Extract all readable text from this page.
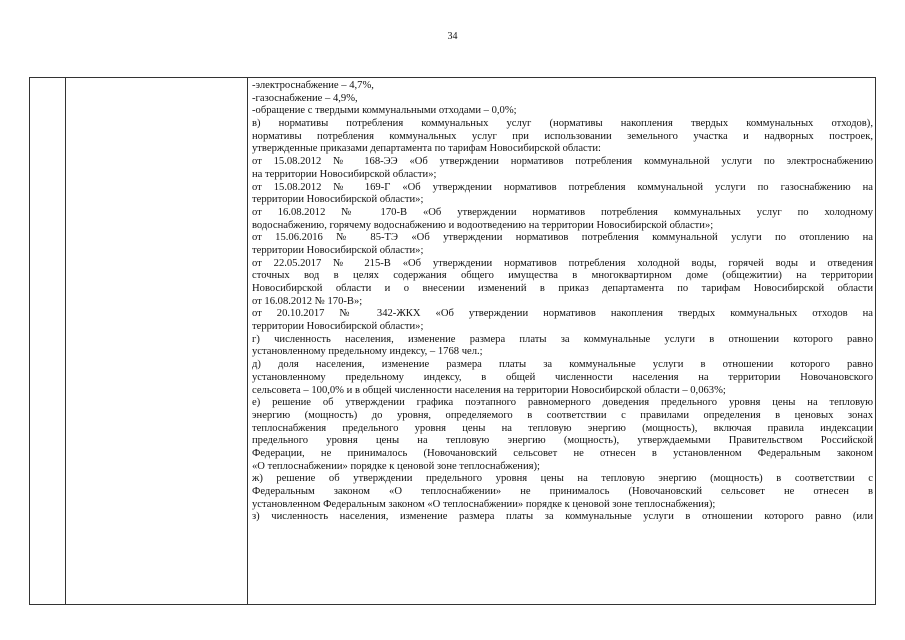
34
-электроснабжение – 4,7%,
-газоснабжение – 4,9%,
-обращение с твердыми коммунальными отходами – 0,0%;
в) нормативы потребления коммунальных услуг (нормативы накопления твердых коммунальных отходов),
нормативы потребления коммунальных услуг при использовании земельного участка и надворных построек,
утвержденные приказами департамента по тарифам Новосибирской области:
от 15.08.2012 № 168-ЭЭ «Об утверждении нормативов потребления коммунальной услуги по электроснабжению
на территории Новосибирской области»;
от 15.08.2012 № 169-Г «Об утверждении нормативов потребления коммунальной услуги по газоснабжению на
территории Новосибирской области»;
от 16.08.2012 № 170-В «Об утверждении нормативов потребления коммунальных услуг по холодному
водоснабжению, горячему водоснабжению и водоотведению на территории Новосибирской области»;
от 15.06.2016 № 85-ТЭ «Об утверждении нормативов потребления коммунальной услуги по отоплению на
территории Новосибирской области»;
от 22.05.2017 № 215-В «Об утверждении нормативов потребления холодной воды, горячей воды и отведения
сточных вод в целях содержания общего имущества в многоквартирном доме (общежитии) на территории
Новосибирской области и о внесении изменений в приказ департамента по тарифам Новосибирской области
от 16.08.2012 № 170-В»;
от 20.10.2017 № 342-ЖКХ «Об утверждении нормативов накопления твердых коммунальных отходов на
территории Новосибирской области»;
г) численность населения, изменение размера платы за коммунальные услуги в отношении которого равно
установленному предельному индексу, – 1768 чел.;
д) доля населения, изменение размера платы за коммунальные услуги в отношении которого равно
установленному предельному индексу, в общей численности населения на территории Новочановского
сельсовета – 100,0% и в общей численности населения на территории Новосибирской области – 0,063%;
е) решение об утверждении графика поэтапного равномерного доведения предельного уровня цены на тепловую
энергию (мощность) до уровня, определяемого в соответствии с правилами определения в ценовых зонах
теплоснабжения предельного уровня цены на тепловую энергию (мощность), включая правила индексации
предельного уровня цены на тепловую энергию (мощность), утверждаемыми Правительством Российской
Федерации, не принималось (Новочановский сельсовет не отнесен в установленном Федеральным законом
«О теплоснабжении» порядке к ценовой зоне теплоснабжения);
ж) решение об утверждении предельного уровня цены на тепловую энергию (мощность) в соответствии с
Федеральным законом «О теплоснабжении» не принималось (Новочановский сельсовет не отнесен в
установленном Федеральным законом «О теплоснабжении» порядке к ценовой зоне теплоснабжения);
з) численность населения, изменение размера платы за коммунальные услуги в отношении которого равно (или
